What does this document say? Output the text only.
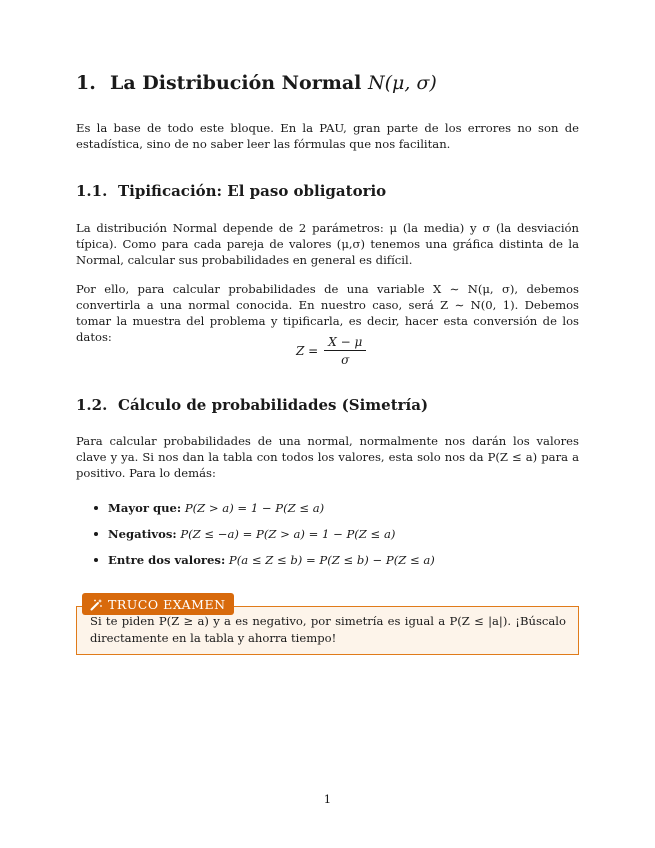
1. La Distribución Normal N(μ, σ)
Es la base de todo este bloque. En la PAU, gran parte de los errores no son de estadística, sino de no saber leer las fórmulas que nos facilitan.
1.1. Tipificación: El paso obligatorio
La distribución Normal depende de 2 parámetros: μ (la media) y σ (la desviación típica). Como para cada pareja de valores (μ,σ) tenemos una gráfica distinta de la Normal, calcular sus probabilidades en general es difícil.
Por ello, para calcular probabilidades de una variable X ∼ N(μ, σ), debemos convertirla a una normal conocida. En nuestro caso, será Z ∼ N(0, 1). Debemos tomar la muestra del problema y tipificarla, es decir, hacer esta conversión de los datos:
$Z = \frac{X - \mu}{\sigma}$
1.2. Cálculo de probabilidades (Simetría)
Para calcular probabilidades de una normal, normalmente nos darán los valores clave y ya. Si nos dan la tabla con todos los valores, esta solo nos da P(Z ≤ a) para a positivo. Para lo demás:
Mayor que: P(Z > a) = 1 − P(Z ≤ a)
Negativos: P(Z ≤ −a) = P(Z > a) = 1 − P(Z ≤ a)
Entre dos valores: P(a ≤ Z ≤ b) = P(Z ≤ b) − P(Z ≤ a)
TRUCO EXAMEN
Si te piden P(Z ≥ a) y a es negativo, por simetría es igual a P(Z ≤ |a|). ¡Búscalo directamente en la tabla y ahorra tiempo!
1
